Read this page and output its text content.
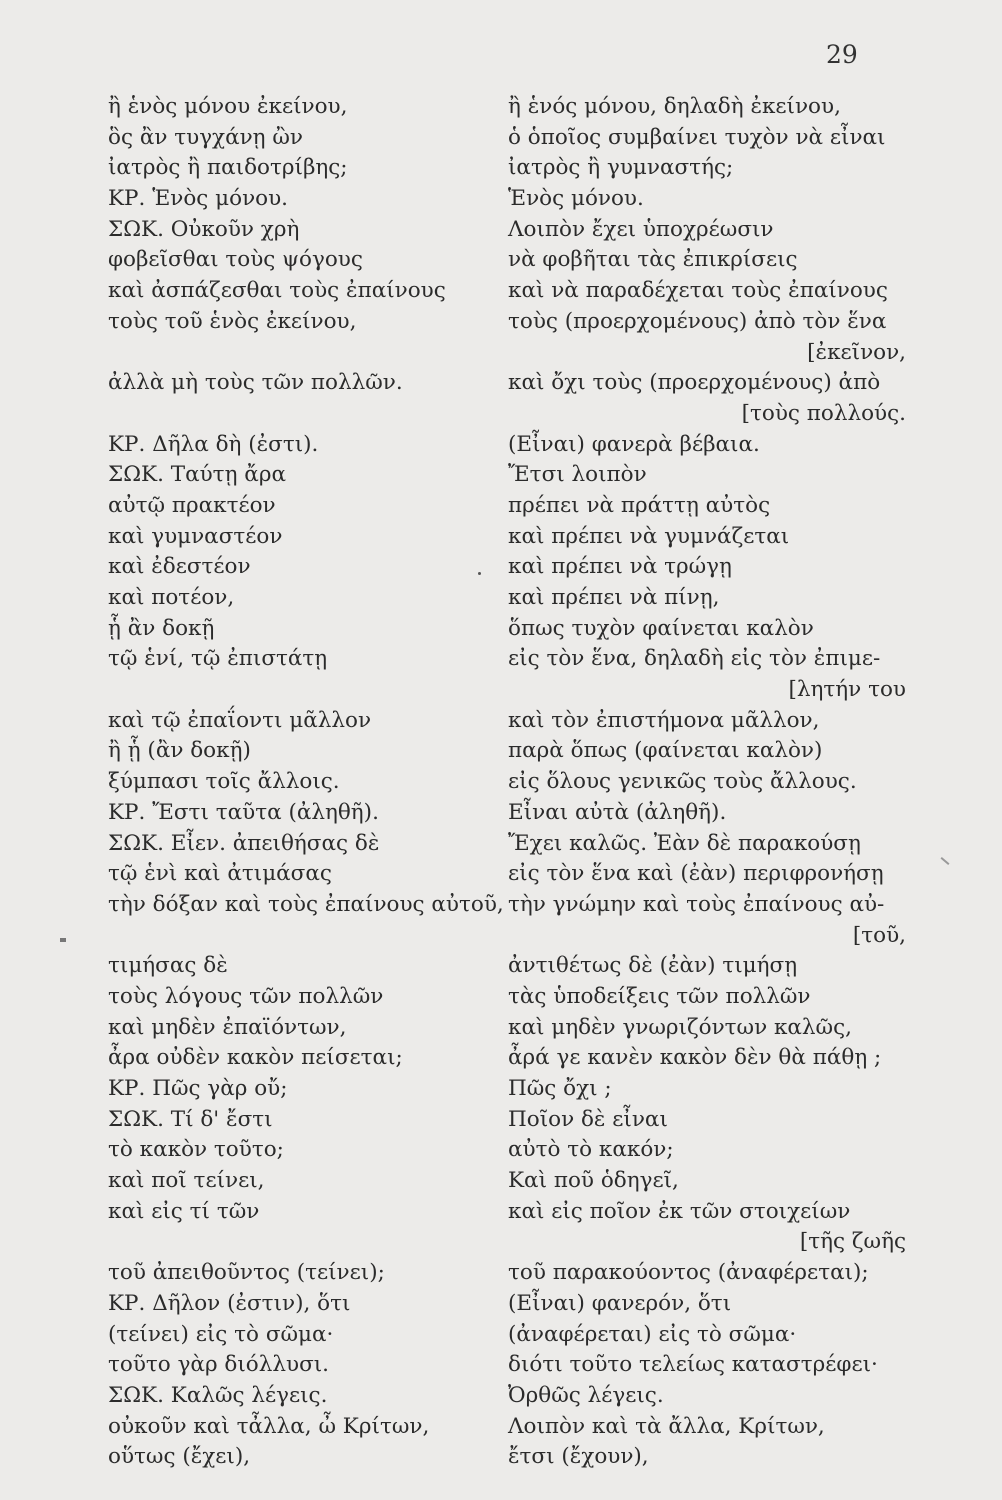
29
ἢ ἑνὸς μόνου ἐκείνου,	ἢ ἑνός μόνου, δηλαδὴ ἐκείνου,
ὃς ἂν τυγχάνῃ ὢν	ὁ ὁποῖος συμβαίνει τυχὸν νὰ εἶναι
ἰατρὸς ἢ παιδοτρίβης;	ἰατρὸς ἢ γυμναστής;
ΚΡ. Ἑνὸς μόνου.	Ἑνὸς μόνου.
ΣΩΚ. Οὐκοῦν χρὴ	Λοιπὸν ἔχει ὑποχρέωσιν
φοβεῖσθαι τοὺς ψόγους	νὰ φοβῆται τὰς ἐπικρίσεις
καὶ ἀσπάζεσθαι τοὺς ἐπαίνους	καὶ νὰ παραδέχεται τοὺς ἐπαίνους
τοὺς τοῦ ἑνὸς ἐκείνου,	τοὺς (προερχομένους) ἀπὸ τὸν ἕνα
[ἐκεῖνον,
ἀλλὰ μὴ τοὺς τῶν πολλῶν.	καὶ ὄχι τοὺς (προερχομένους) ἀπὸ
[τοὺς πολλούς.
ΚΡ. Δῆλα δὴ (ἐστι).	(Εἶναι) φανερὰ βέβαια.
ΣΩΚ. Ταύτῃ ἄρα	Ἔτσι λοιπὸν
αὐτῷ πρακτέον	πρέπει νὰ πράττῃ αὐτὸς
καὶ γυμναστέον	καὶ πρέπει νὰ γυμνάζεται
καὶ ἐδεστέον	καὶ πρέπει νὰ τρώγῃ
καὶ ποτέον,	καὶ πρέπει νὰ πίνῃ,
ᾗ ἂν δοκῇ	ὅπως τυχὸν φαίνεται καλὸν
τῷ ἑνί, τῷ ἐπιστάτῃ	εἰς τὸν ἕνα, δηλαδὴ εἰς τὸν ἐπιμε-
[λητήν του
καὶ τῷ ἐπαΐοντι μᾶλλον	καὶ τὸν ἐπιστήμονα μᾶλλον,
ἢ ᾗ (ἂν δοκῇ)	παρὰ ὅπως (φαίνεται καλὸν)
ξύμπασι τοῖς ἄλλοις.	εἰς ὅλους γενικῶς τοὺς ἄλλους.
ΚΡ. Ἔστι ταῦτα (ἀληθῆ).	Εἶναι αὐτὰ (ἀληθῆ).
ΣΩΚ. Εἶεν. ἀπειθήσας δὲ	Ἔχει καλῶς. Ἐὰν δὲ παρακούσῃ
τῷ ἑνὶ καὶ ἀτιμάσας	εἰς τὸν ἕνα καὶ (ἐὰν) περιφρονήσῃ
τὴν δόξαν καὶ τοὺς ἐπαίνους αὐτοῦ, τὴν γνώμην καὶ τοὺς ἐπαίνους αὐ-
[τοῦ,
τιμήσας δὲ	ἀντιθέτως δὲ (ἐὰν) τιμήσῃ
τοὺς λόγους τῶν πολλῶν	τὰς ὑποδείξεις τῶν πολλῶν
καὶ μηδὲν ἐπαϊόντων,	καὶ μηδὲν γνωριζόντων καλῶς,
ἆρα οὐδὲν κακὸν πείσεται;	ἆρά γε κανὲν κακὸν δὲν θὰ πάθῃ ;
ΚΡ. Πῶς γὰρ οὔ;	Πῶς ὄχι ;
ΣΩΚ. Τί δ' ἔστι	Ποῖον δὲ εἶναι
τὸ κακὸν τοῦτο;	αὐτὸ τὸ κακόν;
καὶ ποῖ τείνει,	Καὶ ποῦ ὁδηγεῖ,
καὶ εἰς τί τῶν	καὶ εἰς ποῖον ἐκ τῶν στοιχείων
[τῆς ζωῆς
τοῦ ἀπειθοῦντος (τείνει);	τοῦ παρακούοντος (ἀναφέρεται);
ΚΡ. Δῆλον (ἐστιν), ὅτι	(Εἶναι) φανερόν, ὅτι
(τείνει) εἰς τὸ σῶμα·	(ἀναφέρεται) εἰς τὸ σῶμα·
τοῦτο γὰρ διόλλυσι.	διότι τοῦτο τελείως καταστρέφει·
ΣΩΚ. Καλῶς λέγεις.	Ὀρθῶς λέγεις.
οὐκοῦν καὶ τἆλλα, ὦ Κρίτων,	Λοιπὸν καὶ τὰ ἄλλα, Κρίτων,
οὕτως (ἔχει),	ἔτσι (ἔχουν),
